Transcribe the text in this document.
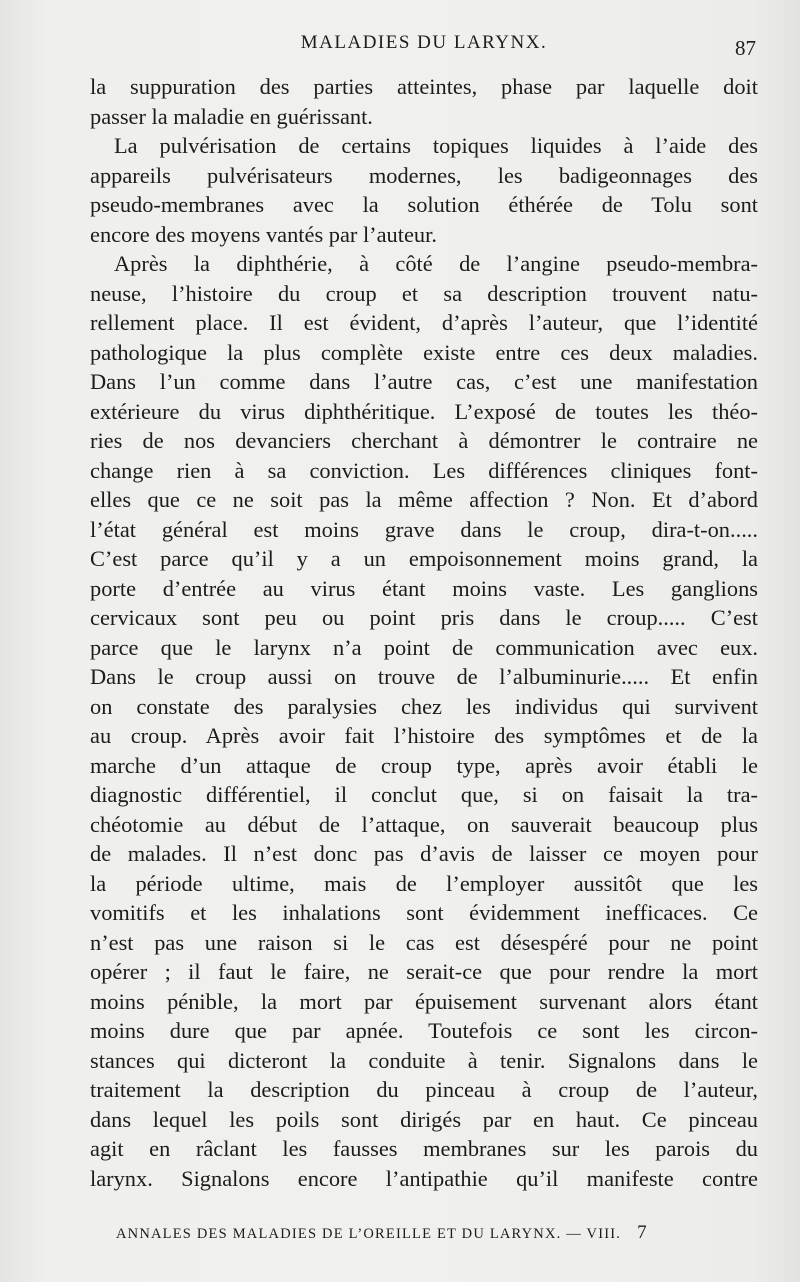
MALADIES DU LARYNX.	87
la suppuration des parties atteintes, phase par laquelle doit
passer la maladie en guérissant.
La pulvérisation de certains topiques liquides à l’aide des
appareils pulvérisateurs modernes, les badigeonnages des
pseudo-membranes avec la solution éthérée de Tolu sont
encore des moyens vantés par l’auteur.
Après la diphthérie, à côté de l’angine pseudo-membra-
neuse, l’histoire du croup et sa description trouvent natu-
rellement place. Il est évident, d’après l’auteur, que l’identité
pathologique la plus complète existe entre ces deux maladies.
Dans l’un comme dans l’autre cas, c’est une manifestation
extérieure du virus diphthéritique. L’exposé de toutes les théo-
ries de nos devanciers cherchant à démontrer le contraire ne
change rien à sa conviction. Les différences cliniques font-
elles que ce ne soit pas la même affection ? Non. Et d’abord
l’état général est moins grave dans le croup, dira-t-on.....
C’est parce qu’il y a un empoisonnement moins grand, la
porte d’entrée au virus étant moins vaste. Les ganglions
cervicaux sont peu ou point pris dans le croup..... C’est
parce que le larynx n’a point de communication avec eux.
Dans le croup aussi on trouve de l’albuminurie..... Et enfin
on constate des paralysies chez les individus qui survivent
au croup. Après avoir fait l’histoire des symptômes et de la
marche d’un attaque de croup type, après avoir établi le
diagnostic différentiel, il conclut que, si on faisait la tra-
chéotomie au début de l’attaque, on sauverait beaucoup plus
de malades. Il n’est donc pas d’avis de laisser ce moyen pour
la période ultime, mais de l’employer aussitôt que les
vomitifs et les inhalations sont évidemment inefficaces. Ce
n’est pas une raison si le cas est désespéré pour ne point
opérer ; il faut le faire, ne serait-ce que pour rendre la mort
moins pénible, la mort par épuisement survenant alors étant
moins dure que par apnée. Toutefois ce sont les circon-
stances qui dicteront la conduite à tenir. Signalons dans le
traitement la description du pinceau à croup de l’auteur,
dans lequel les poils sont dirigés par en haut. Ce pinceau
agit en râclant les fausses membranes sur les parois du
larynx. Signalons encore l’antipathie qu’il manifeste contre
ANNALES DES MALADIES DE L’OREILLE ET DU LARYNX. — VIII. 7
